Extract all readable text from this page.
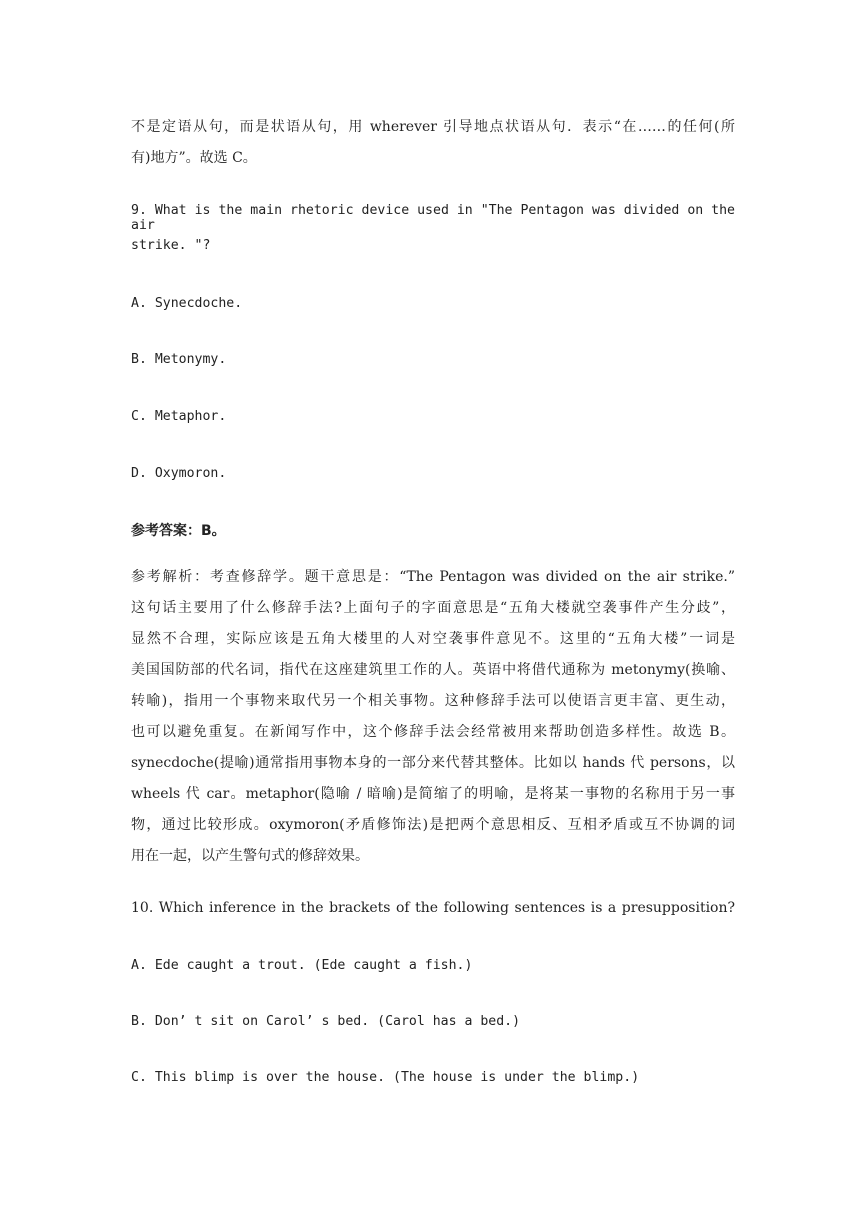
不是定语从句，而是状语从句，用 wherever 引导地点状语从句．表示“在……的任何(所
有)地方”。故选 C。
9. What is the main rhetoric device used in "The Pentagon was divided on the air
strike. "?
A. Synecdoche.
B. Metonymy.
C. Metaphor.
D. Oxymoron.
参考答案：B。
参考解析：考查修辞学。题干意思是：“The Pentagon was divided on the air strike.”
这句话主要用了什么修辞手法?上面句子的字面意思是“五角大楼就空袭事件产生分歧”，
显然不合理，实际应该是五角大楼里的人对空袭事件意见不。这里的“五角大楼”一词是
美国国防部的代名词，指代在这座建筑里工作的人。英语中将借代通称为 metonymy(换喻、
转喻)，指用一个事物来取代另一个相关事物。这种修辞手法可以使语言更丰富、更生动，
也可以避免重复。在新闻写作中，这个修辞手法会经常被用来帮助创造多样性。故选 B。
synecdoche(提喻)通常指用事物本身的一部分来代替其整体。比如以 hands 代 persons，以
wheels 代 car。metaphor(隐喻 / 暗喻)是简缩了的明喻，是将某一事物的名称用于另一事
物，通过比较形成。oxymoron(矛盾修饰法)是把两个意思相反、互相矛盾或互不协调的词
用在一起，以产生警句式的修辞效果。
10. Which inference in the brackets of the following sentences is a presupposition?
A. Ede caught a trout. (Ede caught a fish.)
B. Don’ t sit on Carol’ s bed. (Carol has a bed.)
C. This blimp is over the house. (The house is under the blimp.)
